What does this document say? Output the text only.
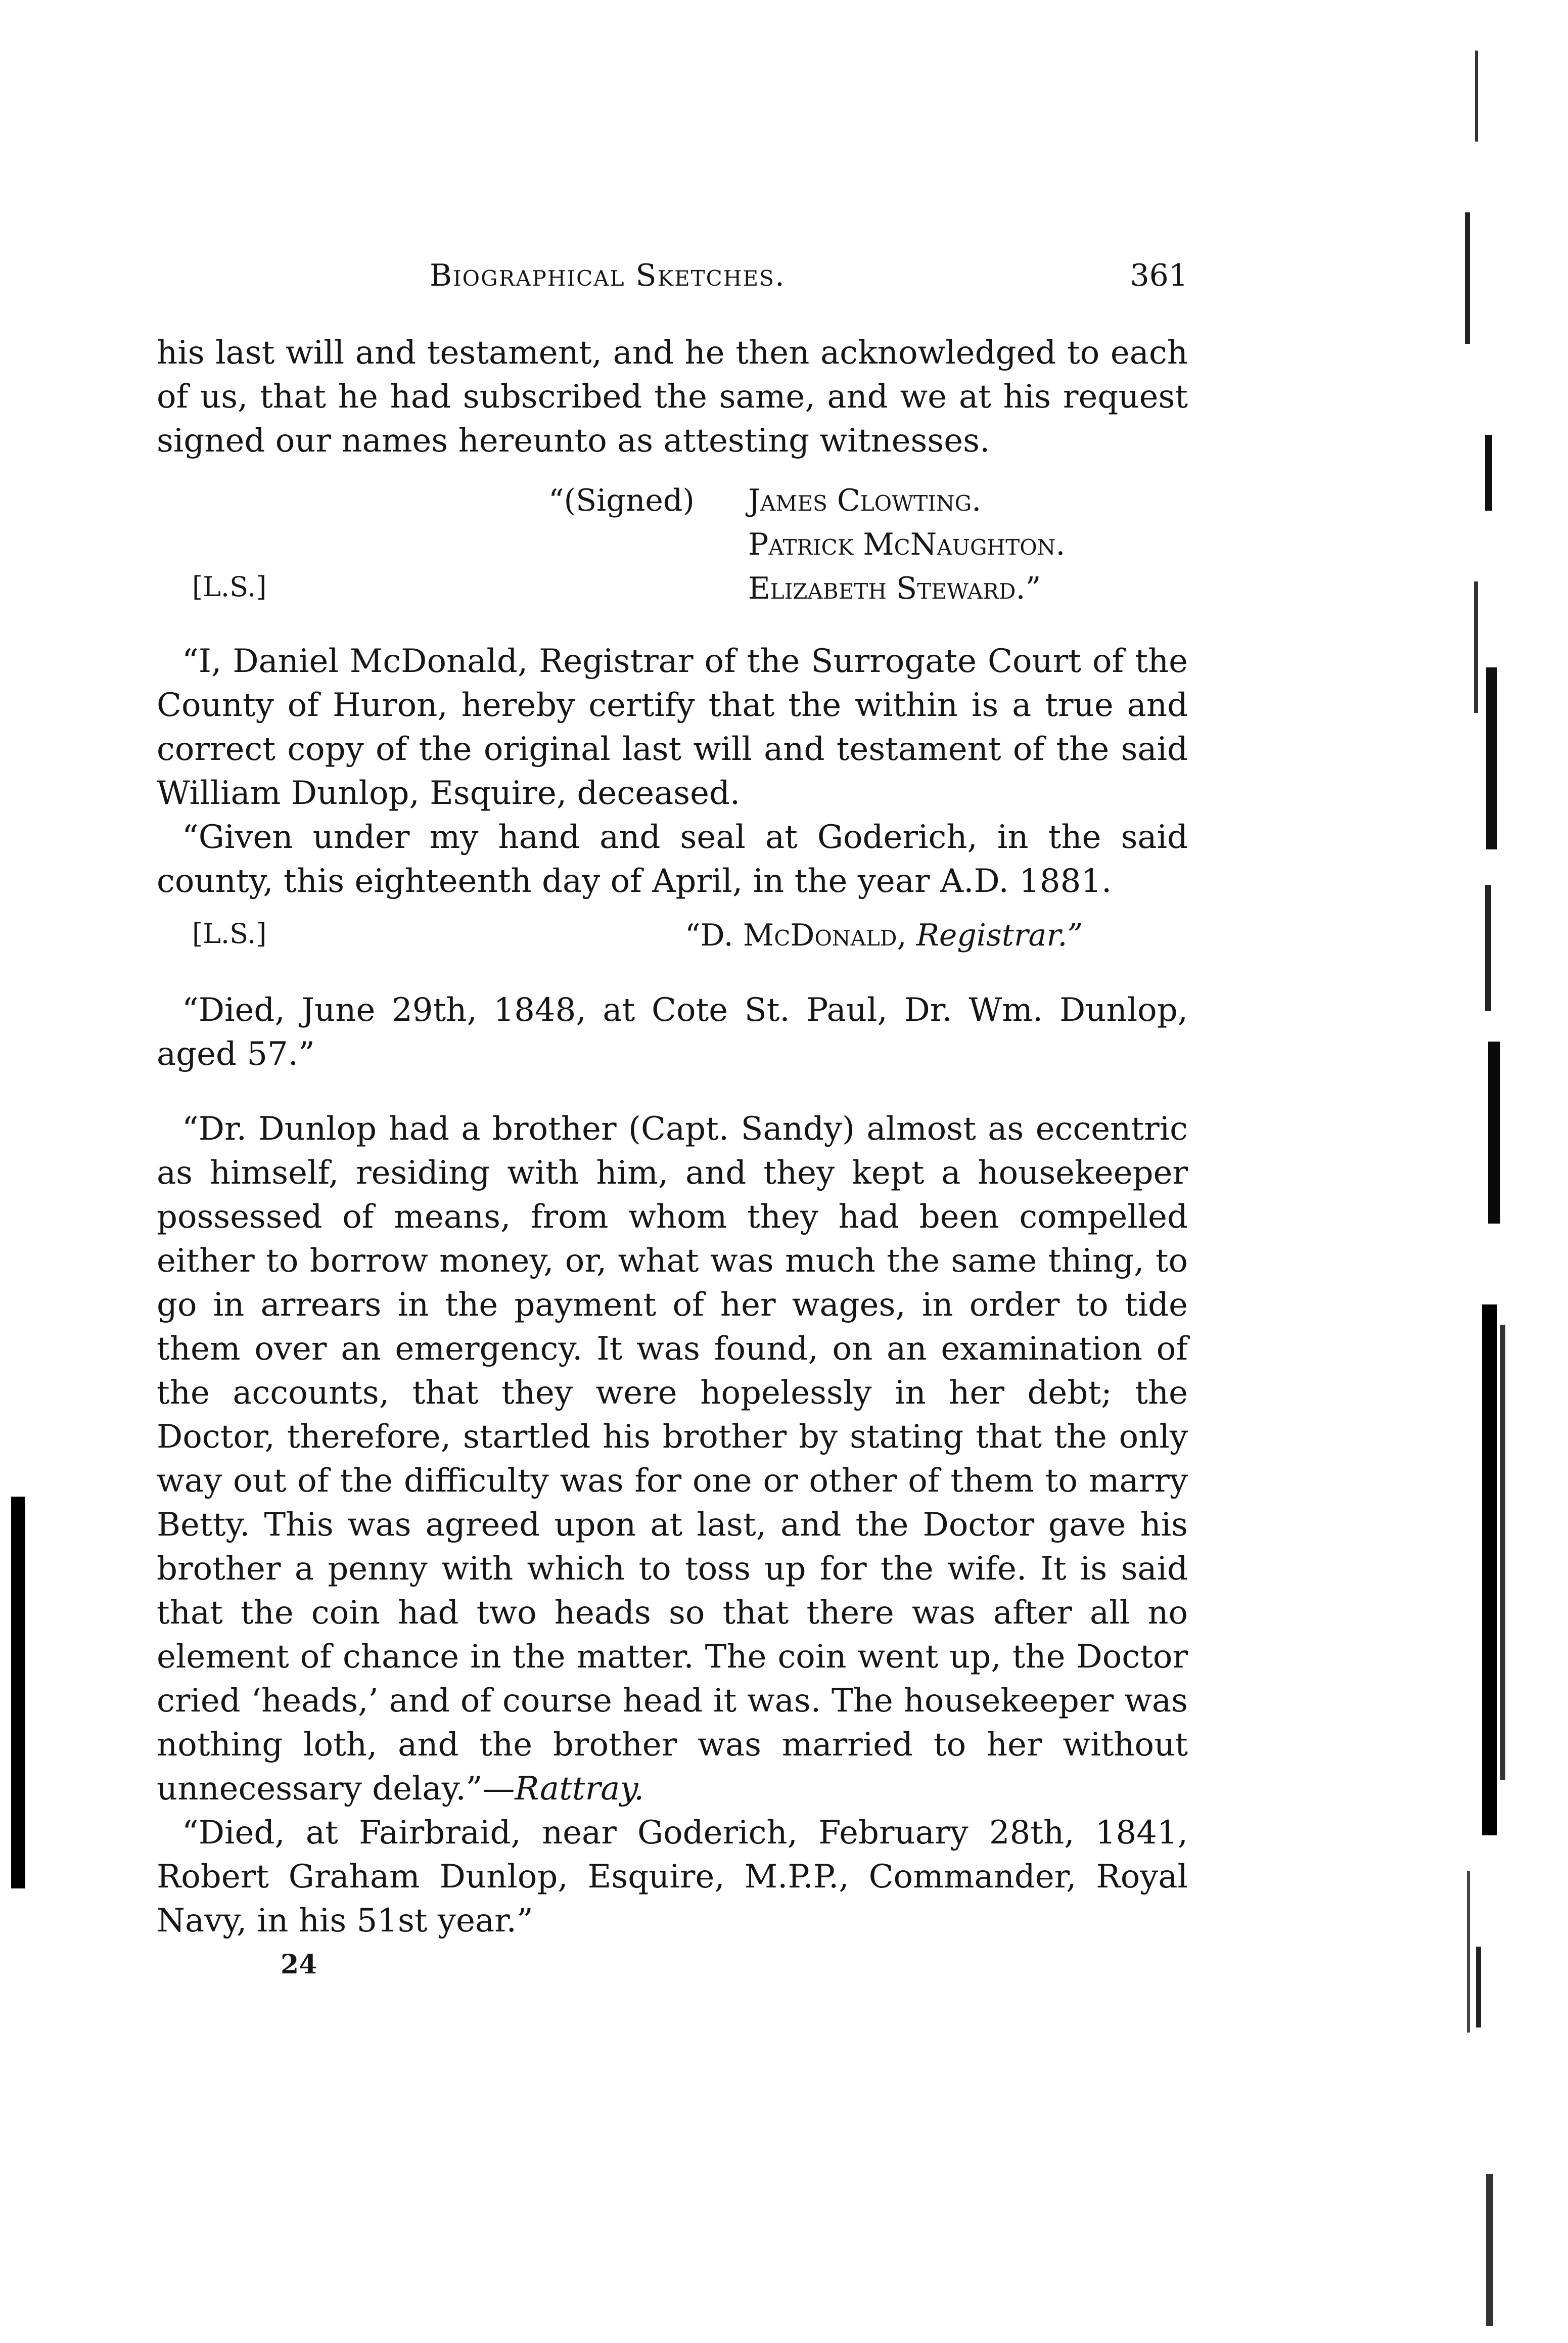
Biographical Sketches.	361

his last will and testament, and he then acknowledged to each of us, that he had subscribed the same, and we at his request signed our names hereunto as attesting witnesses.

“(Signed) James Clowting.
Patrick McNaughton.
Elizabeth Steward.”
[L.S.]

“I, Daniel McDonald, Registrar of the Surrogate Court of the County of Huron, hereby certify that the within is a true and correct copy of the original last will and testament of the said William Dunlop, Esquire, deceased.

“Given under my hand and seal at Goderich, in the said county, this eighteenth day of April, in the year A.D. 1881.

[L.S.]	“D. McDonald, Registrar.”

“Died, June 29th, 1848, at Cote St. Paul, Dr. Wm. Dunlop, aged 57.”

“Dr. Dunlop had a brother (Capt. Sandy) almost as eccentric as himself, residing with him, and they kept a housekeeper possessed of means, from whom they had been compelled either to borrow money, or, what was much the same thing, to go in arrears in the payment of her wages, in order to tide them over an emergency. It was found, on an examination of the accounts, that they were hopelessly in her debt; the Doctor, therefore, startled his brother by stating that the only way out of the difficulty was for one or other of them to marry Betty. This was agreed upon at last, and the Doctor gave his brother a penny with which to toss up for the wife. It is said that the coin had two heads so that there was after all no element of chance in the matter. The coin went up, the Doctor cried ‘heads,’ and of course head it was. The housekeeper was nothing loth, and the brother was married to her without unnecessary delay.”—Rattray.

“Died, at Fairbraid, near Goderich, February 28th, 1841, Robert Graham Dunlop, Esquire, M.P.P., Commander, Royal Navy, in his 51st year.”

24
